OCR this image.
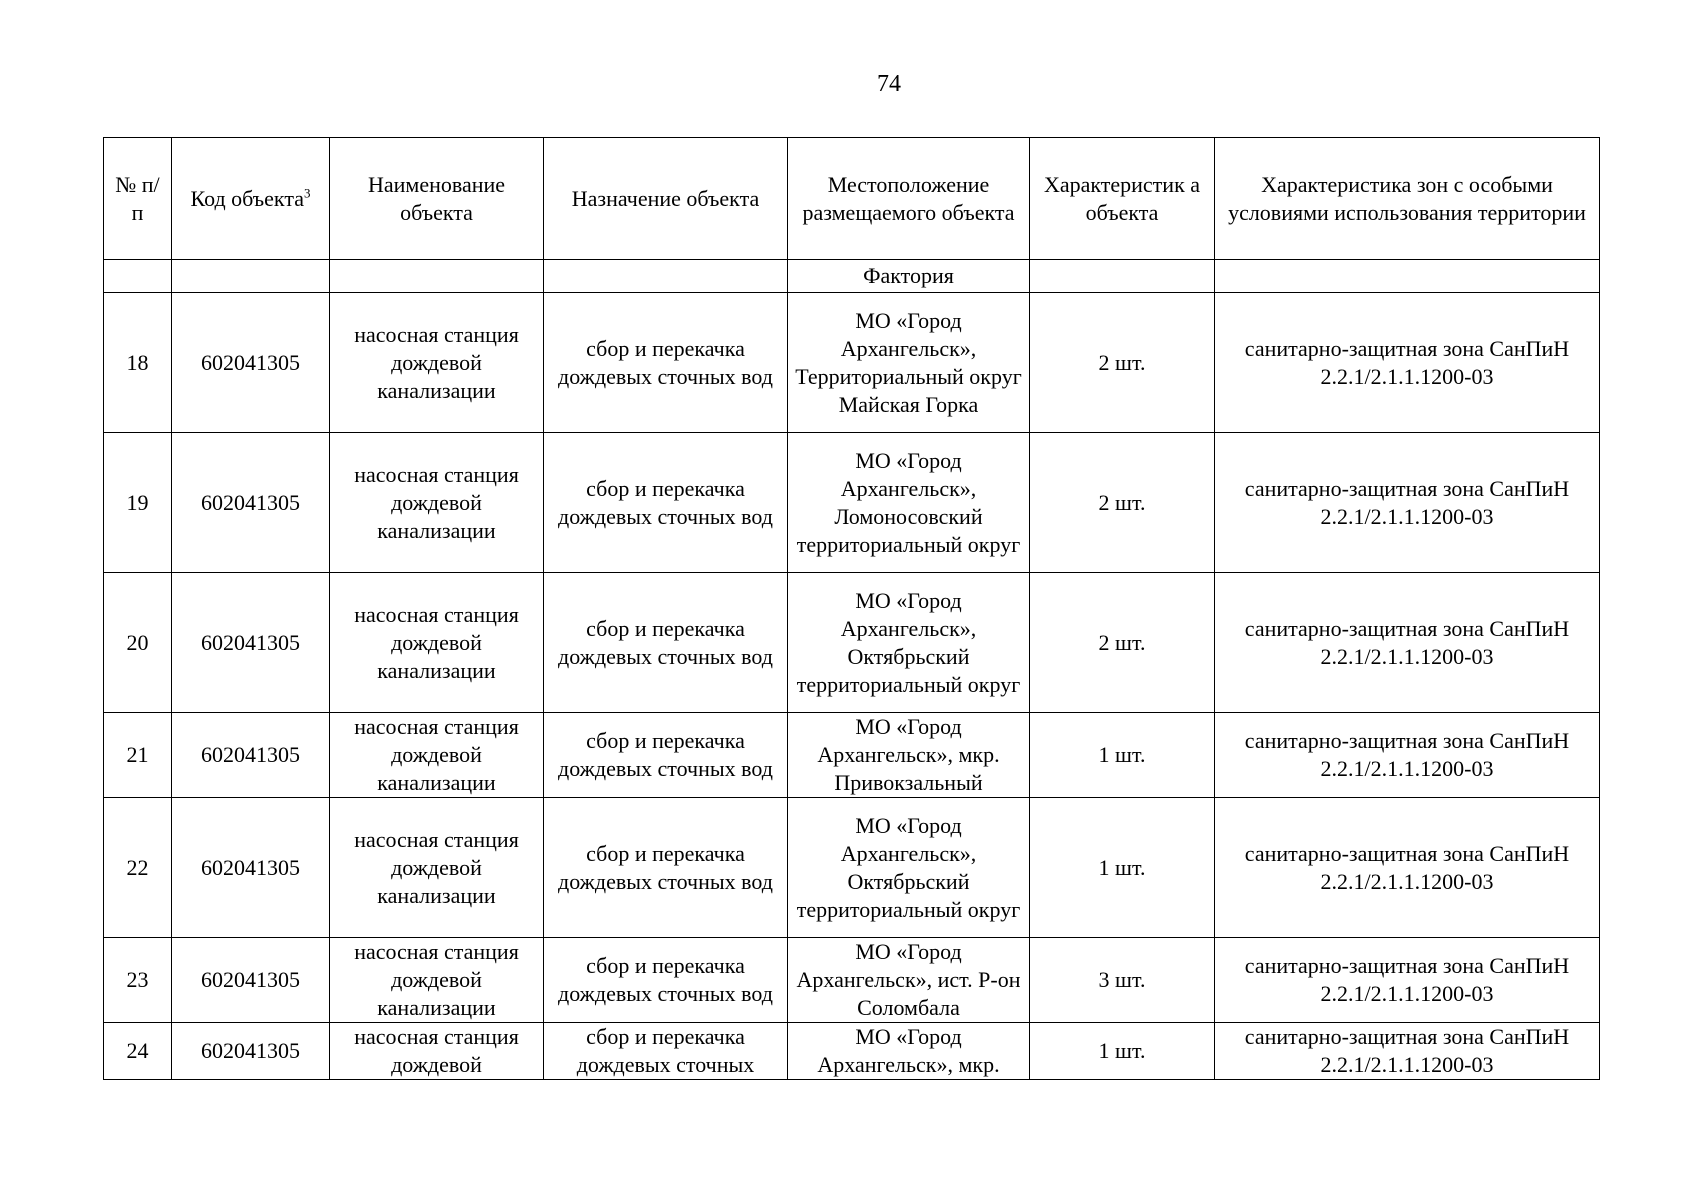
74
№ п/п	Код объекта$^3$	Наименование объекта	Назначение объекта	Местоположение размещаемого объекта	Характеристик а объекта	Характеристика зон с особыми условиями использования территории
				Фактория		
18	602041305	насосная станция дождевой канализации	сбор и перекачка дождевых сточных вод	МО «Город Архангельск», Территориальный округ Майская Горка	2 шт.	санитарно-защитная зона СанПиН 2.2.1/2.1.1.1200-03
19	602041305	насосная станция дождевой канализации	сбор и перекачка дождевых сточных вод	МО «Город Архангельск», Ломоносовский территориальный округ	2 шт.	санитарно-защитная зона СанПиН 2.2.1/2.1.1.1200-03
20	602041305	насосная станция дождевой канализации	сбор и перекачка дождевых сточных вод	МО «Город Архангельск», Октябрьский территориальный округ	2 шт.	санитарно-защитная зона СанПиН 2.2.1/2.1.1.1200-03
21	602041305	насосная станция дождевой канализации	сбор и перекачка дождевых сточных вод	МО «Город Архангельск», мкр. Привокзальный	1 шт.	санитарно-защитная зона СанПиН 2.2.1/2.1.1.1200-03
22	602041305	насосная станция дождевой канализации	сбор и перекачка дождевых сточных вод	МО «Город Архангельск», Октябрьский территориальный округ	1 шт.	санитарно-защитная зона СанПиН 2.2.1/2.1.1.1200-03
23	602041305	насосная станция дождевой канализации	сбор и перекачка дождевых сточных вод	МО «Город Архангельск», ист. Р-он Соломбала	3 шт.	санитарно-защитная зона СанПиН 2.2.1/2.1.1.1200-03
24	602041305	насосная станция дождевой	сбор и перекачка дождевых сточных	МО «Город Архангельск», мкр.	1 шт.	санитарно-защитная зона СанПиН 2.2.1/2.1.1.1200-03
